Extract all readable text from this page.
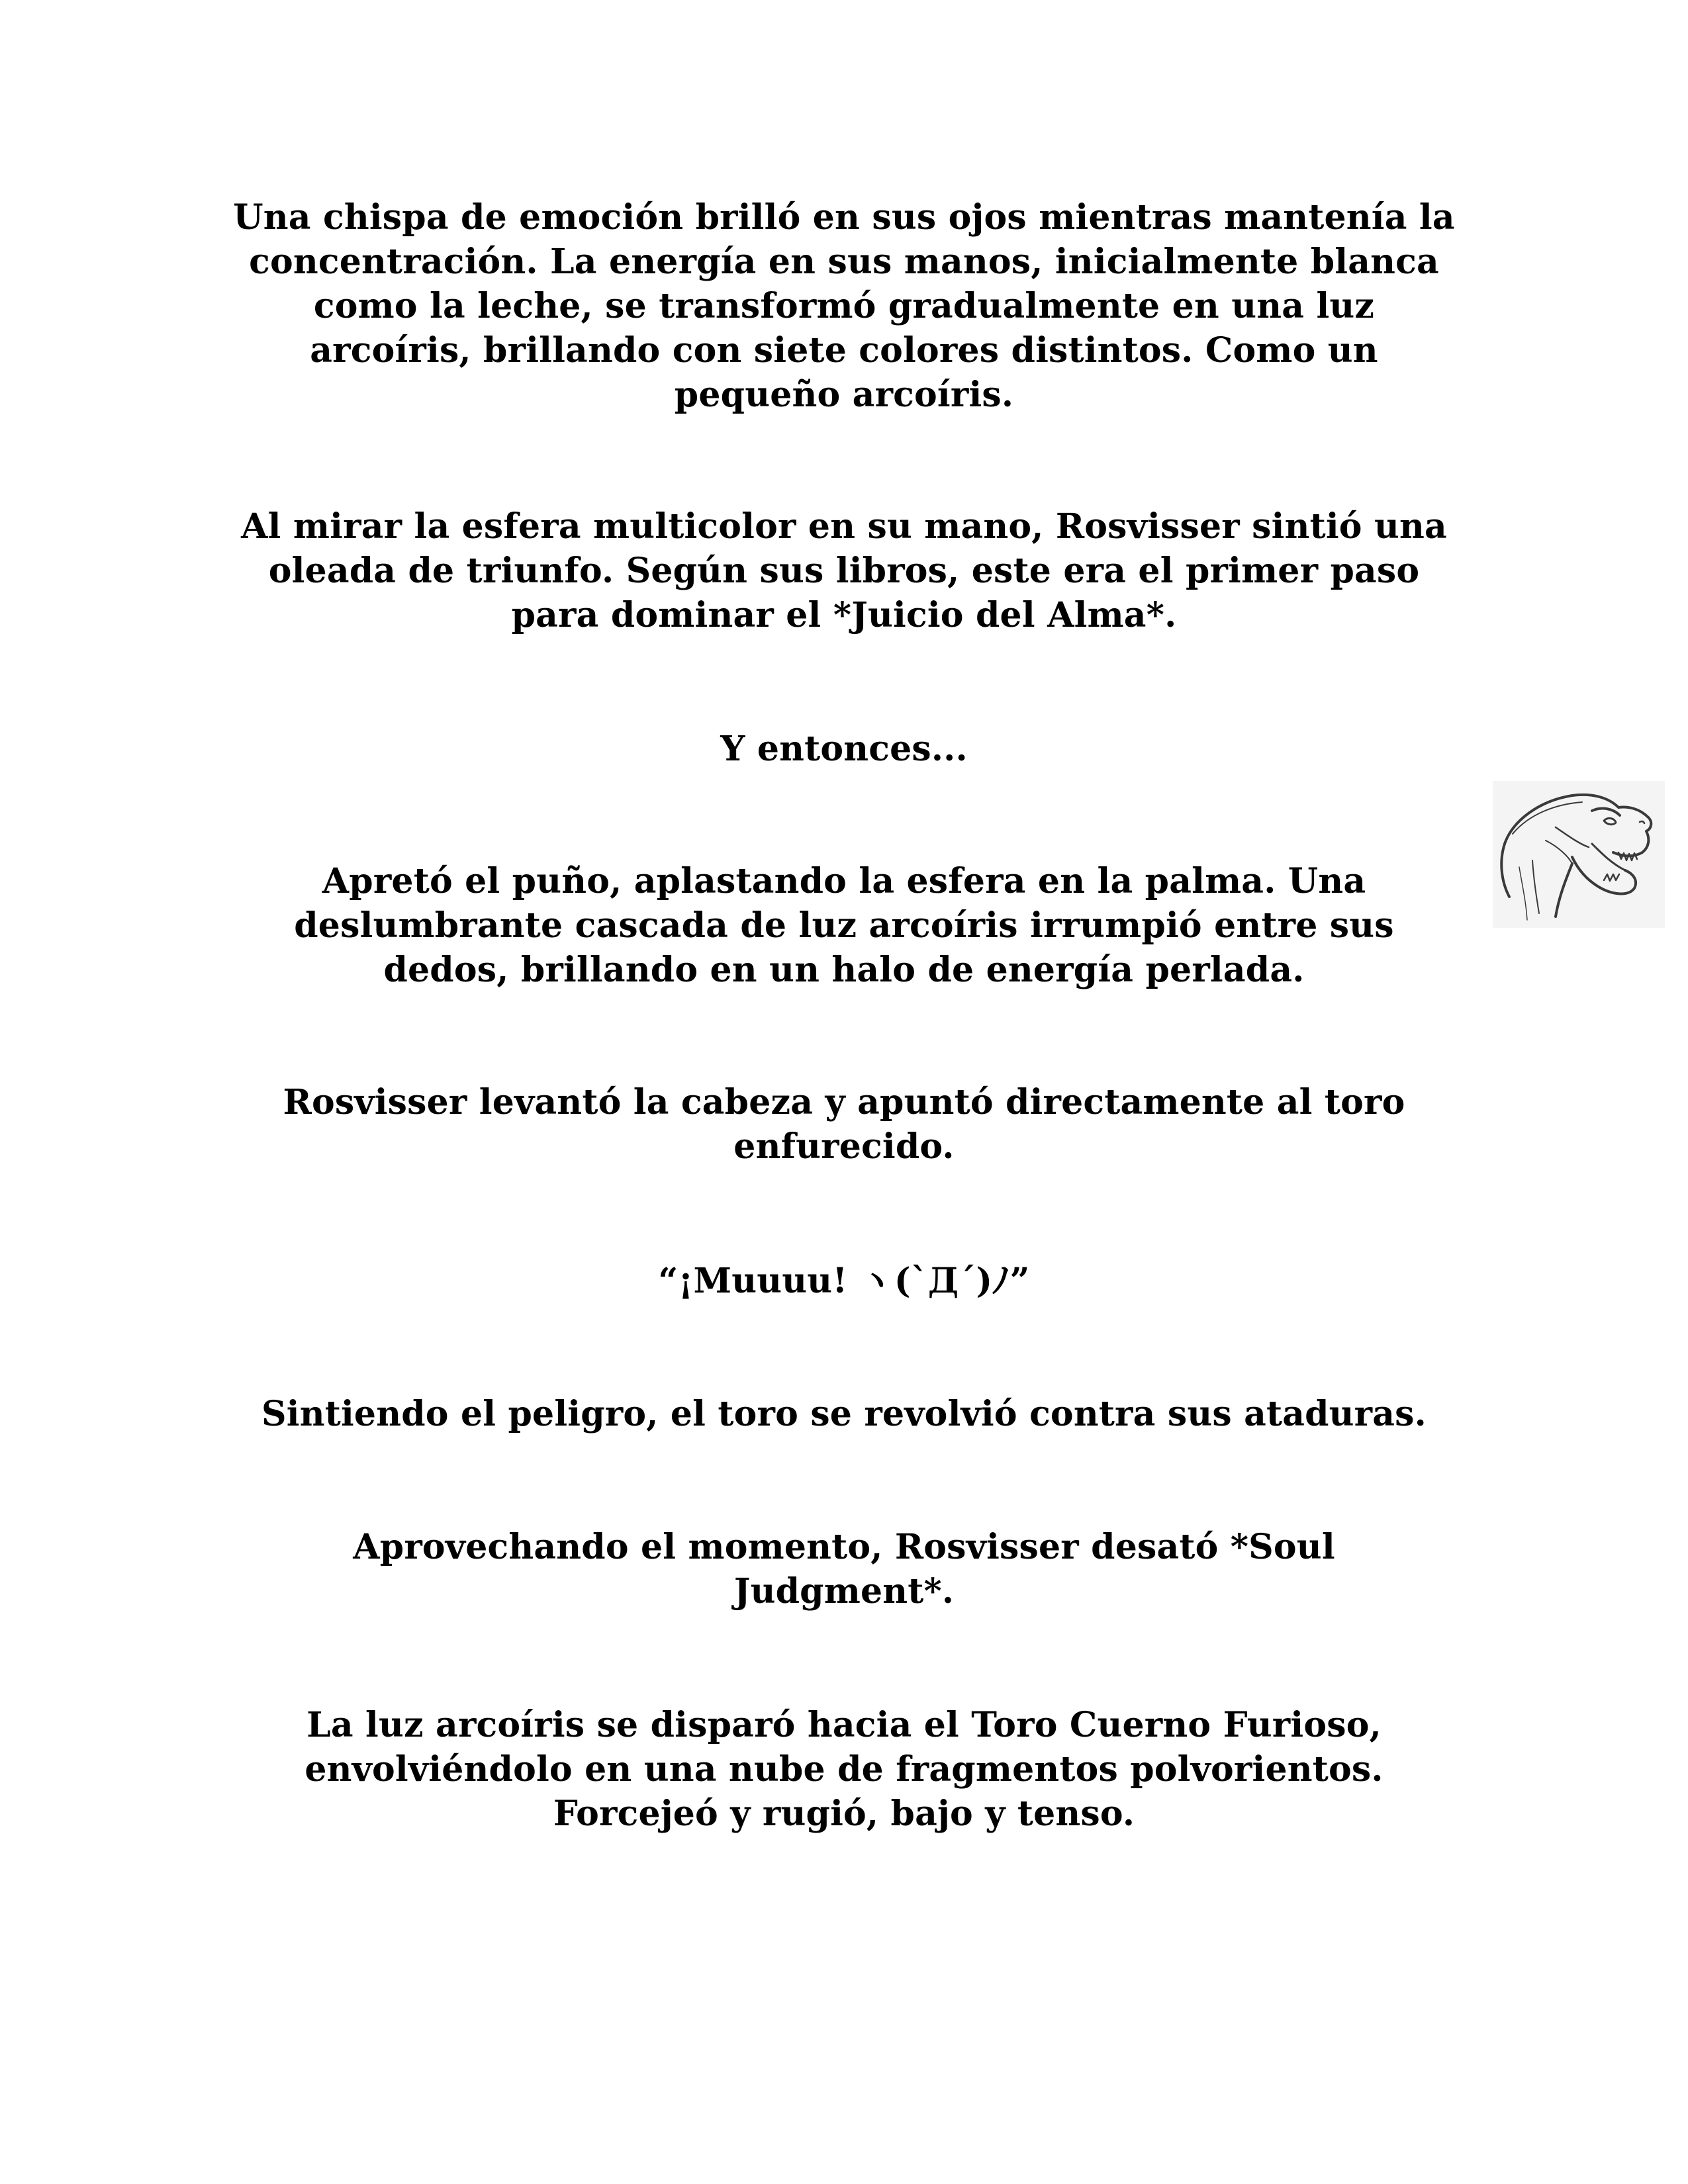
Una chispa de emoción brilló en sus ojos mientras mantenía la
concentración. La energía en sus manos, inicialmente blanca
como la leche, se transformó gradualmente en una luz
arcoíris, brillando con siete colores distintos. Como un
pequeño arcoíris.

Al mirar la esfera multicolor en su mano, Rosvisser sintió una
oleada de triunfo. Según sus libros, este era el primer paso
para dominar el *Juicio del Alma*.

Y entonces...

Apretó el puño, aplastando la esfera en la palma. Una
deslumbrante cascada de luz arcoíris irrumpió entre sus
dedos, brillando en un halo de energía perlada.

Rosvisser levantó la cabeza y apuntó directamente al toro
enfurecido.

“¡Muuuu! ヽ(`Д´)ﾉ”

Sintiendo el peligro, el toro se revolvió contra sus ataduras.

Aprovechando el momento, Rosvisser desató *Soul
Judgment*.

La luz arcoíris se disparó hacia el Toro Cuerno Furioso,
envolviéndolo en una nube de fragmentos polvorientos.
Forcejeó y rugió, bajo y tenso.
